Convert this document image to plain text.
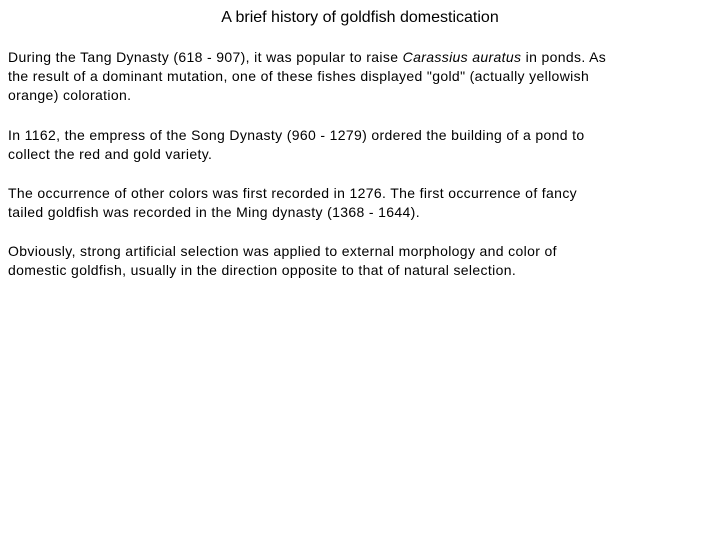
A brief history of goldfish domestication

During the Tang Dynasty (618 - 907), it was popular to raise Carassius auratus in ponds. As
the result of a dominant mutation, one of these fishes displayed "gold" (actually yellowish
orange) coloration.

In 1162, the empress of the Song Dynasty (960 - 1279) ordered the building of a pond to
collect the red and gold variety.

The occurrence of other colors was first recorded in 1276. The first occurrence of fancy
tailed goldfish was recorded in the Ming dynasty (1368 - 1644).

Obviously, strong artificial selection was applied to external morphology and color of
domestic goldfish, usually in the direction opposite to that of natural selection.
